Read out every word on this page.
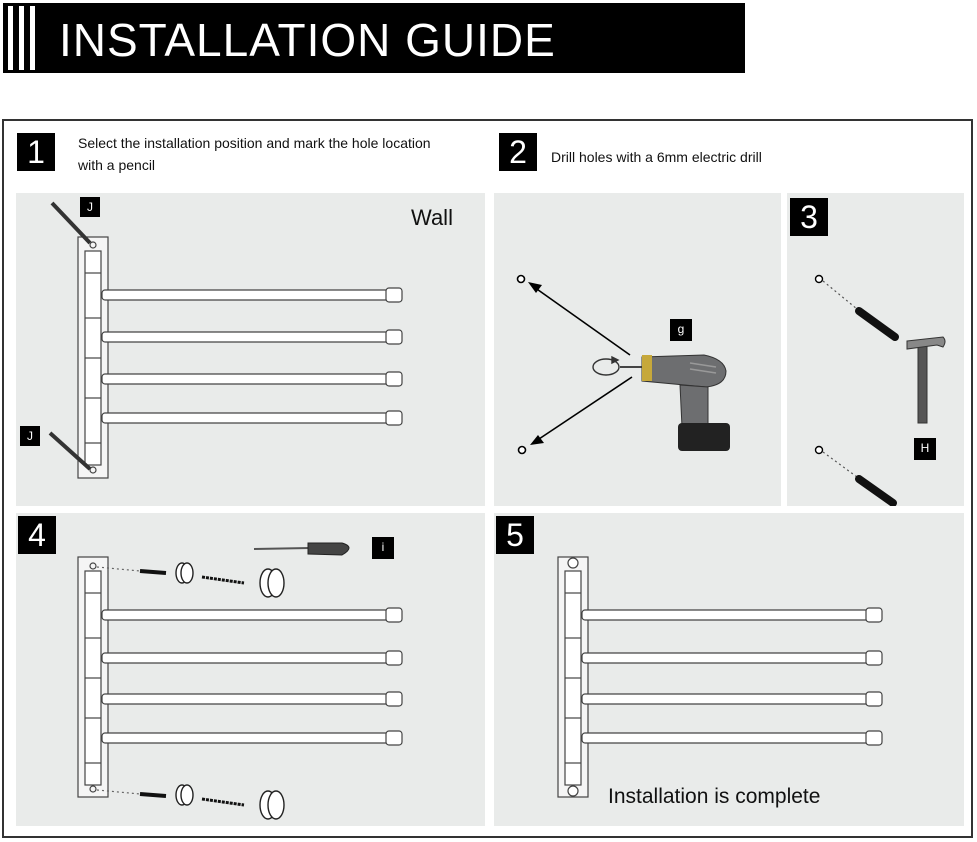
INSTALLATION GUIDE
1	Select the installation position and mark the hole location with a pencil	2	Drill holes with a 6mm electric drill
J
J
Wall
g
3
H
4	i	5
Installation is complete
